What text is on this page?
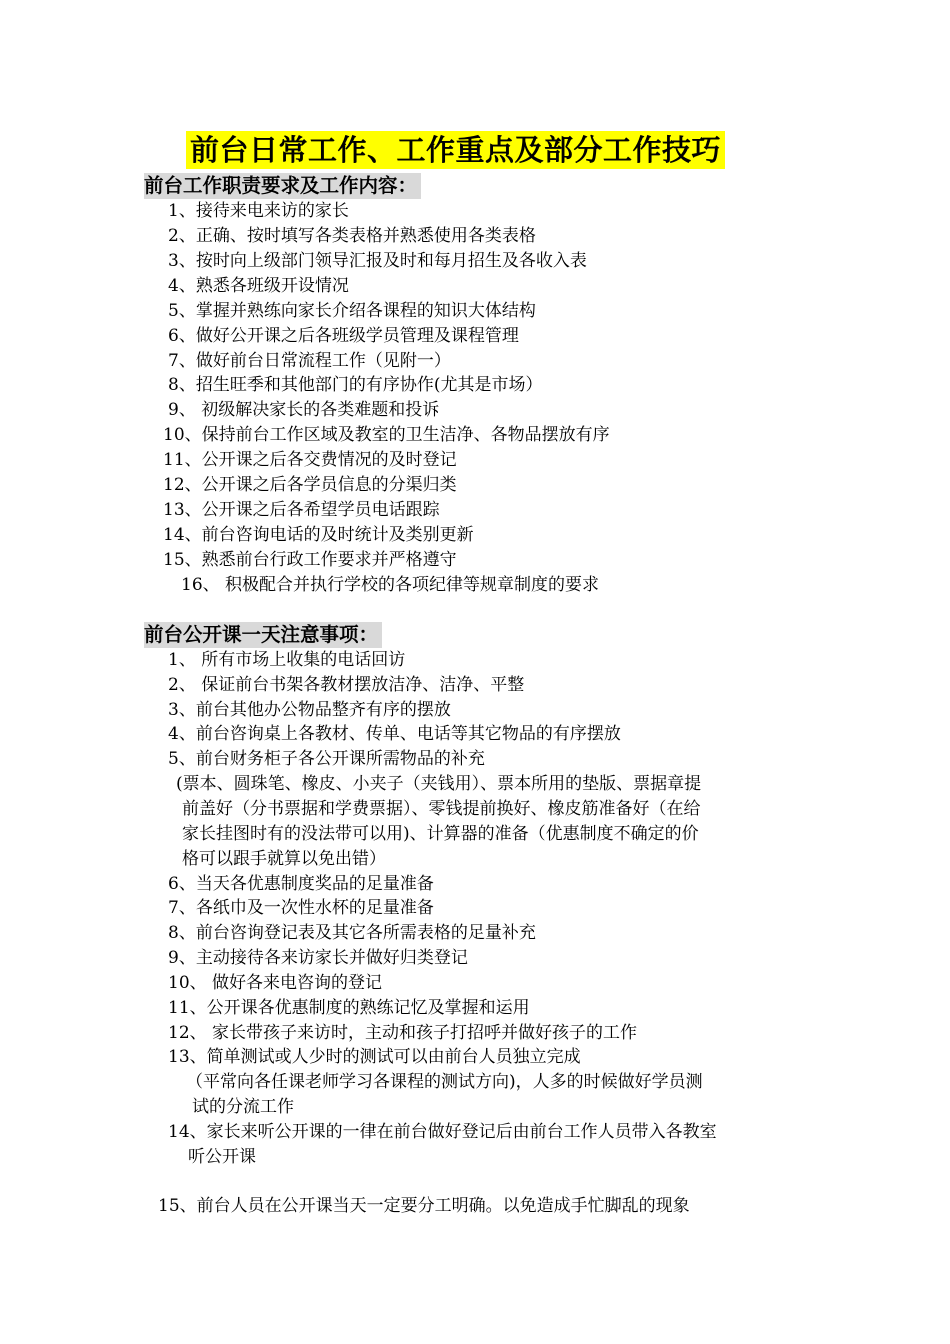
前台日常工作、工作重点及部分工作技巧
前台工作职责要求及工作内容：
1、接待来电来访的家长
2、正确、按时填写各类表格并熟悉使用各类表格
3、按时向上级部门领导汇报及时和每月招生及各收入表
4、熟悉各班级开设情况
5、掌握并熟练向家长介绍各课程的知识大体结构
6、做好公开课之后各班级学员管理及课程管理
7、做好前台日常流程工作（见附一）
8、招生旺季和其他部门的有序协作(尤其是市场）
9、 初级解决家长的各类难题和投诉
10、保持前台工作区域及教室的卫生洁净、各物品摆放有序
11、公开课之后各交费情况的及时登记
12、公开课之后各学员信息的分渠归类
13、公开课之后各希望学员电话跟踪
14、前台咨询电话的及时统计及类别更新
15、熟悉前台行政工作要求并严格遵守
16、 积极配合并执行学校的各项纪律等规章制度的要求
前台公开课一天注意事项：
1、 所有市场上收集的电话回访
2、 保证前台书架各教材摆放洁净、洁净、平整
3、前台其他办公物品整齐有序的摆放
4、前台咨询桌上各教材、传单、电话等其它物品的有序摆放
5、前台财务柜子各公开课所需物品的补充
(票本、圆珠笔、橡皮、小夹子（夹钱用）、票本所用的垫版、票据章提
前盖好（分书票据和学费票据）、零钱提前换好、橡皮筋准备好（在给
家长挂图时有的没法带可以用)、计算器的准备（优惠制度不确定的价
格可以跟手就算以免出错）
6、当天各优惠制度奖品的足量准备
7、各纸巾及一次性水杯的足量准备
8、前台咨询登记表及其它各所需表格的足量补充
9、主动接待各来访家长并做好归类登记
10、 做好各来电咨询的登记
11、公开课各优惠制度的熟练记忆及掌握和运用
12、 家长带孩子来访时，主动和孩子打招呼并做好孩子的工作
13、简单测试或人少时的测试可以由前台人员独立完成
（平常向各任课老师学习各课程的测试方向)，人多的时候做好学员测
试的分流工作
14、家长来听公开课的一律在前台做好登记后由前台工作人员带入各教室
听公开课
15、前台人员在公开课当天一定要分工明确。以免造成手忙脚乱的现象
